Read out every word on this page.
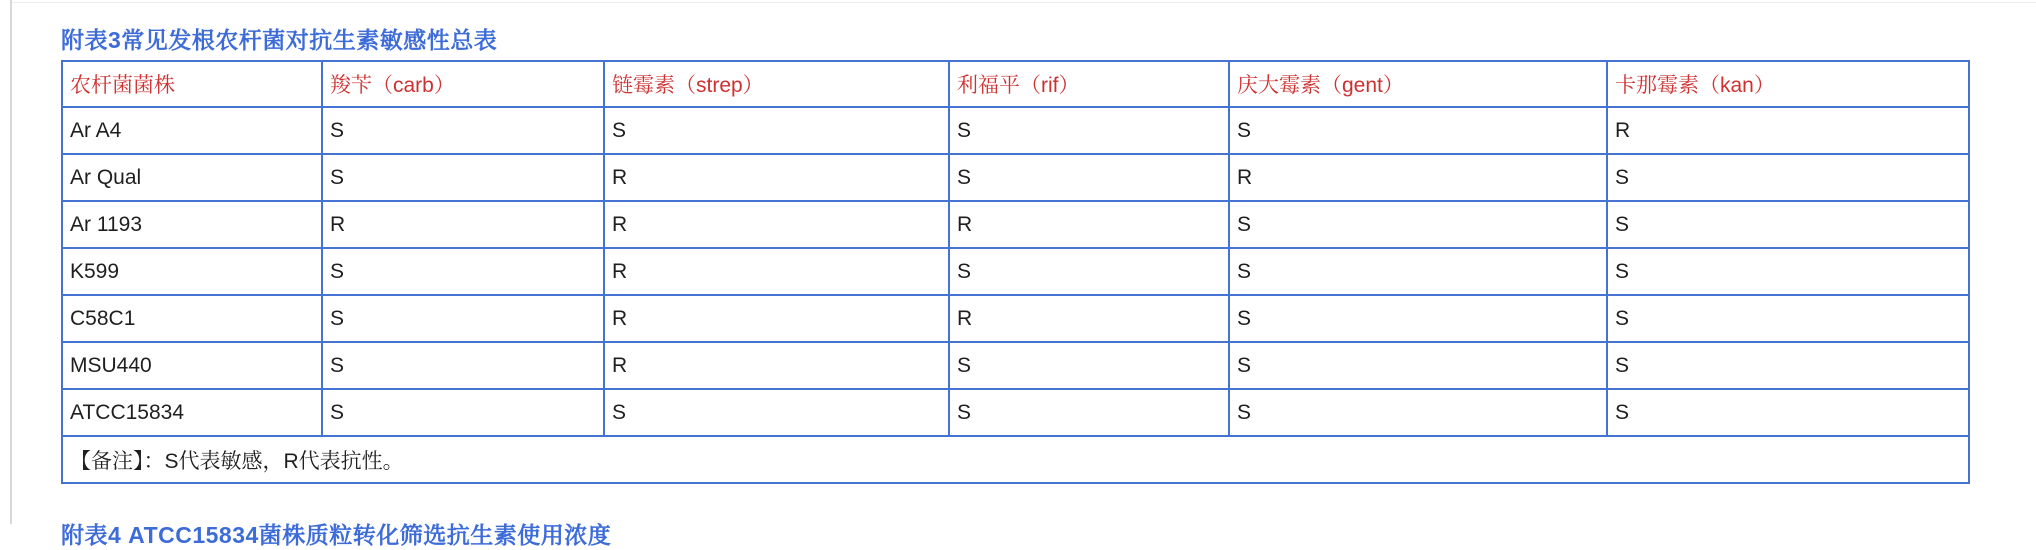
附表3常见发根农杆菌对抗生素敏感性总表
农杆菌菌株	羧苄（carb）	链霉素（strep）	利福平（rif）	庆大霉素（gent）	卡那霉素（kan）
Ar A4	S	S	S	S	R
Ar Qual	S	R	S	R	S
Ar 1193	R	R	R	S	S
K599	S	R	S	S	S
C58C1	S	R	R	S	S
MSU440	S	R	S	S	S
ATCC15834	S	S	S	S	S
【备注】：S代表敏感，R代表抗性。					
附表4 ATCC15834菌株质粒转化筛选抗生素使用浓度
